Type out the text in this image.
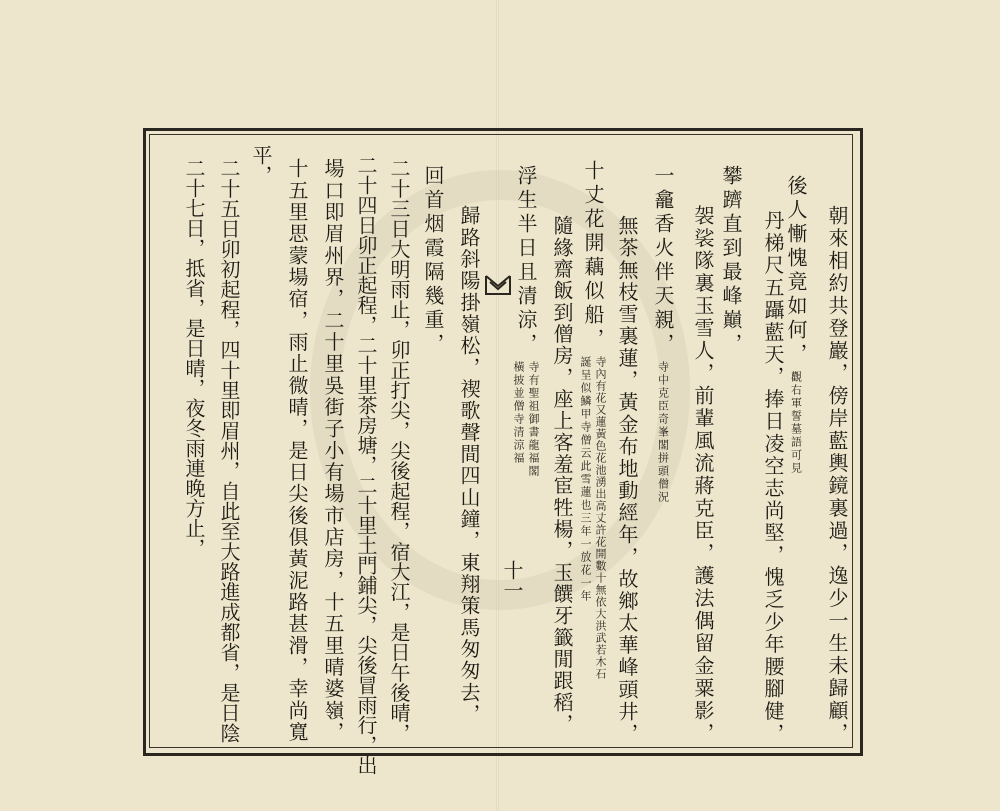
十一	朝來相約共登巖，傍岸藍輿鏡裏過，逸少一生未歸顧，
後人慚愧竟如何，
觀右軍誓墓語可見
丹梯尺五躡藍天，捧日凌空志尚堅，愧乏少年腰腳健，
攀躋直到最峰巔，
袈裟隊裏玉雪人，前輩風流蔣克臣，護法偶留金粟影，
一龕香火伴天親，
寺中克臣奇峯閣拼頭僧況
無茶無枝雪裏蓮，黃金布地動經年，故鄉太華峰頭井，
十丈花開藕似船，
寺內有花又蓮黃色花池湧出高丈許花開數十無依大洪武若木石
誕呈似鱗甲寺僧云此雪蓮也三年一放花一年
隨緣齋飯到僧房，座上客羞宦牲楊，玉饌牙籤閒跟稻，
浮生半日且清涼，
寺有聖祖御書龍福閣
橫披並僧寺清涼福
歸路斜陽掛嶺松，禊歌聲間四山鐘，東翔策馬匆匆去，
回首烟霞隔幾重，
二十三日大明雨止，卯正打尖，尖後起程，宿大江，是日午後晴，
二十四日卯正起程，二十里茶房塘，二十里土門鋪尖，尖後冒雨行，出
場口即眉州界，二十里吳街子小有場市店房，十五里晴婆嶺，
十五里思蒙場宿，雨止微晴，是日尖後俱黃泥路甚滑，幸尚寬
平，
二十五日卯初起程，四十里即眉州，自此至大路進成都省，是日陰
二十七日，抵省，是日晴，夜冬雨連晚方止，
